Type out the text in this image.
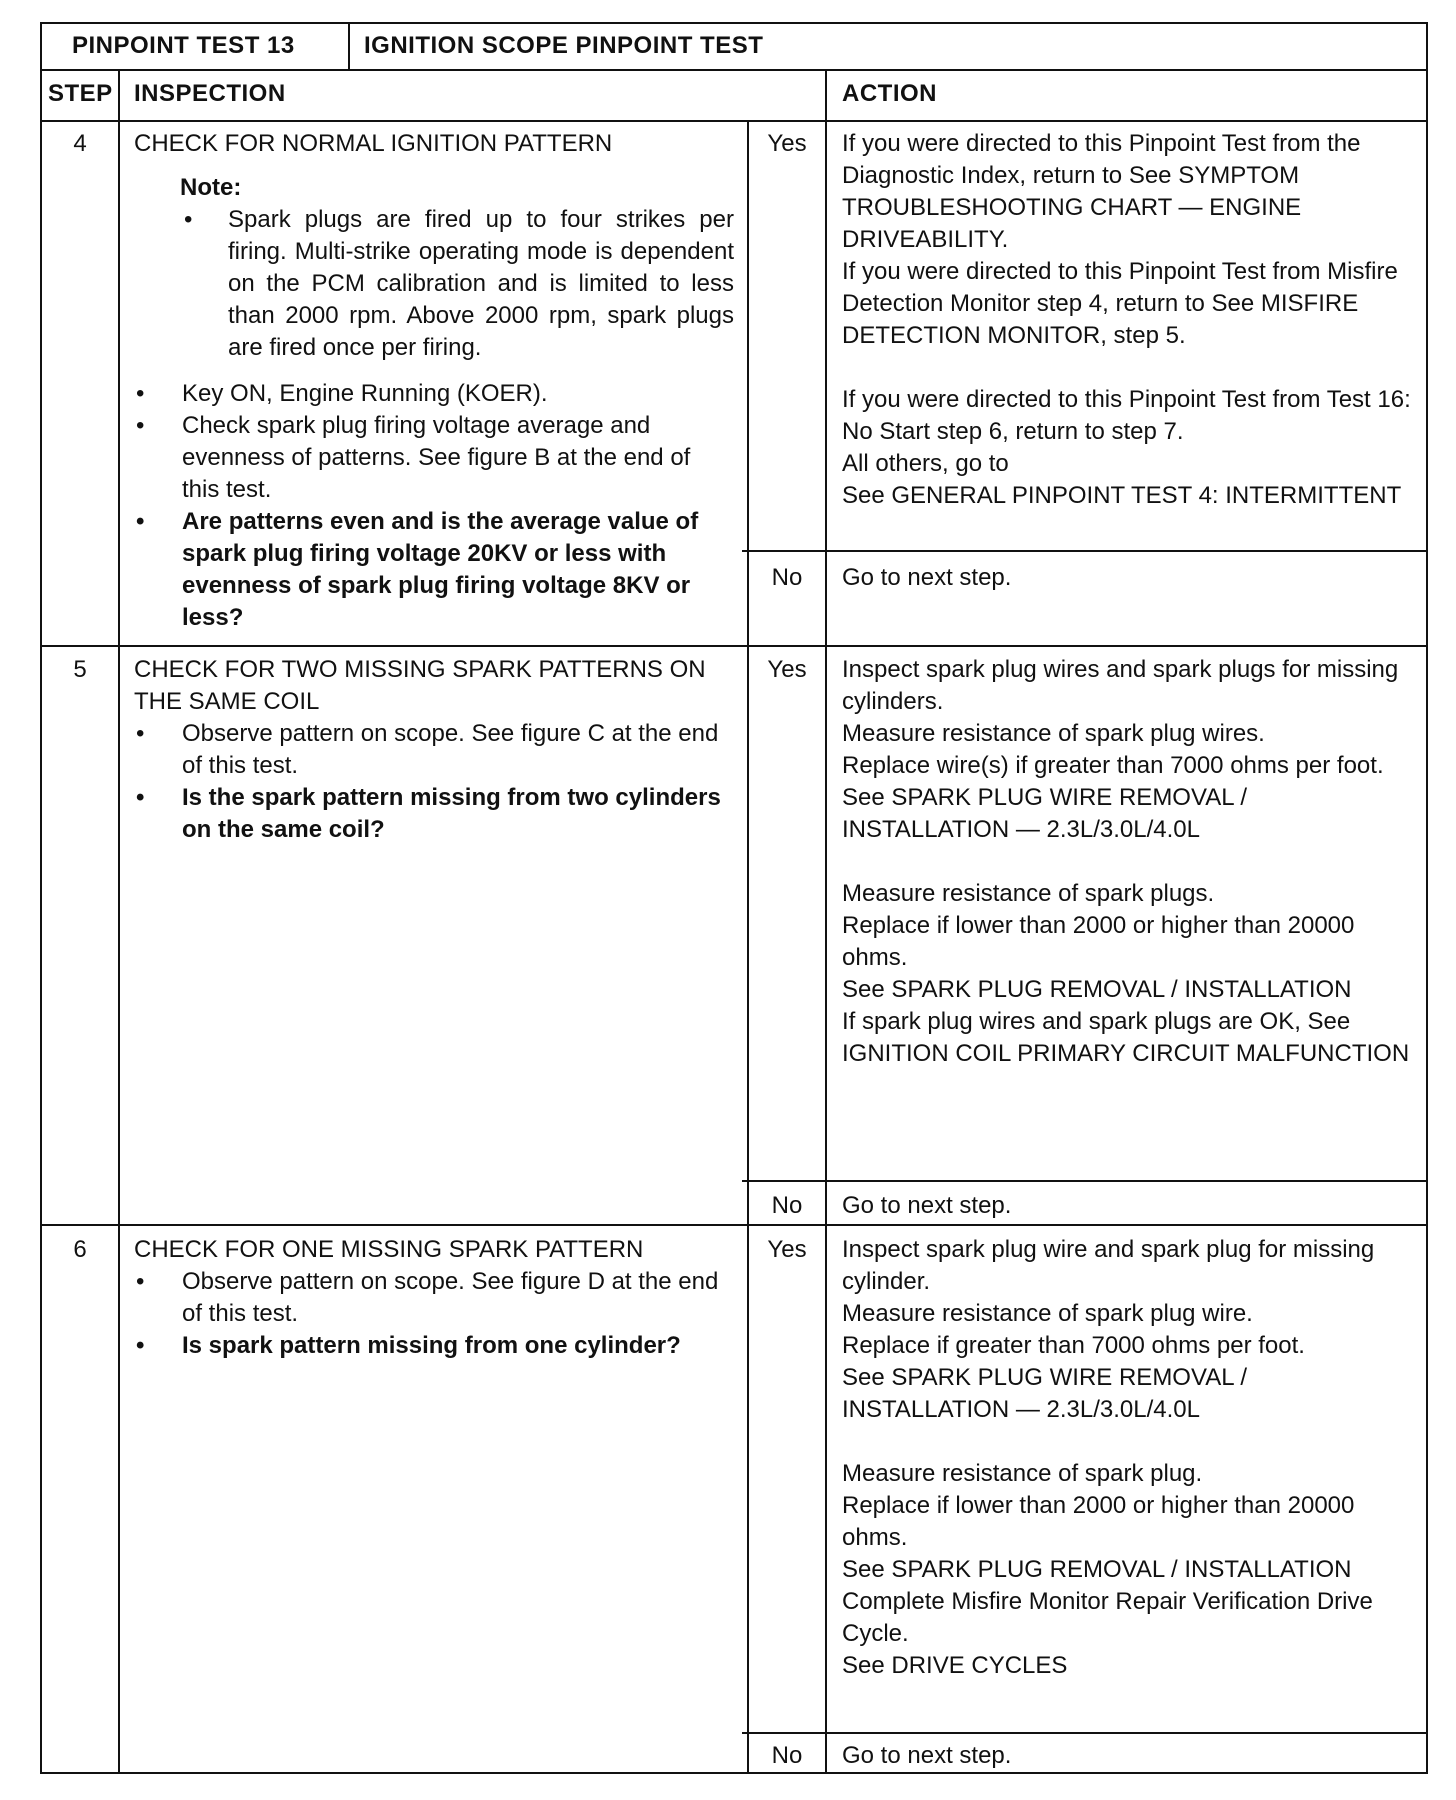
PINPOINT TEST 13	IGNITION SCOPE PINPOINT TEST
STEP INSPECTION	ACTION
4	CHECK FOR NORMAL IGNITION PATTERN
Note:
• Spark plugs are fired up to four strikes per firing. Multi-strike operating mode is dependent on the PCM calibration and is limited to less than 2000 rpm. Above 2000 rpm, spark plugs are fired once per firing.
• Key ON, Engine Running (KOER).
• Check spark plug firing voltage average and evenness of patterns. See figure B at the end of this test.
• Are patterns even and is the average value of spark plug firing voltage 20KV or less with evenness of spark plug firing voltage 8KV or less?
Yes	If you were directed to this Pinpoint Test from the Diagnostic Index, return to See SYMPTOM TROUBLESHOOTING CHART — ENGINE DRIVEABILITY.
If you were directed to this Pinpoint Test from Misfire Detection Monitor step 4, return to See MISFIRE DETECTION MONITOR, step 5.
If you were directed to this Pinpoint Test from Test 16: No Start step 6, return to step 7.
All others, go to
See GENERAL PINPOINT TEST 4: INTERMITTENT
No	Go to next step.
5	CHECK FOR TWO MISSING SPARK PATTERNS ON THE SAME COIL
• Observe pattern on scope. See figure C at the end of this test.
• Is the spark pattern missing from two cylinders on the same coil?
Yes	Inspect spark plug wires and spark plugs for missing cylinders.
Measure resistance of spark plug wires.
Replace wire(s) if greater than 7000 ohms per foot.
See SPARK PLUG WIRE REMOVAL / INSTALLATION — 2.3L/3.0L/4.0L
Measure resistance of spark plugs.
Replace if lower than 2000 or higher than 20000 ohms.
See SPARK PLUG REMOVAL / INSTALLATION
If spark plug wires and spark plugs are OK, See IGNITION COIL PRIMARY CIRCUIT MALFUNCTION
No	Go to next step.
6	CHECK FOR ONE MISSING SPARK PATTERN
• Observe pattern on scope. See figure D at the end of this test.
• Is spark pattern missing from one cylinder?
Yes	Inspect spark plug wire and spark plug for missing cylinder.
Measure resistance of spark plug wire.
Replace if greater than 7000 ohms per foot.
See SPARK PLUG WIRE REMOVAL / INSTALLATION — 2.3L/3.0L/4.0L
Measure resistance of spark plug.
Replace if lower than 2000 or higher than 20000 ohms.
See SPARK PLUG REMOVAL / INSTALLATION
Complete Misfire Monitor Repair Verification Drive Cycle.
See DRIVE CYCLES
No	Go to next step.
